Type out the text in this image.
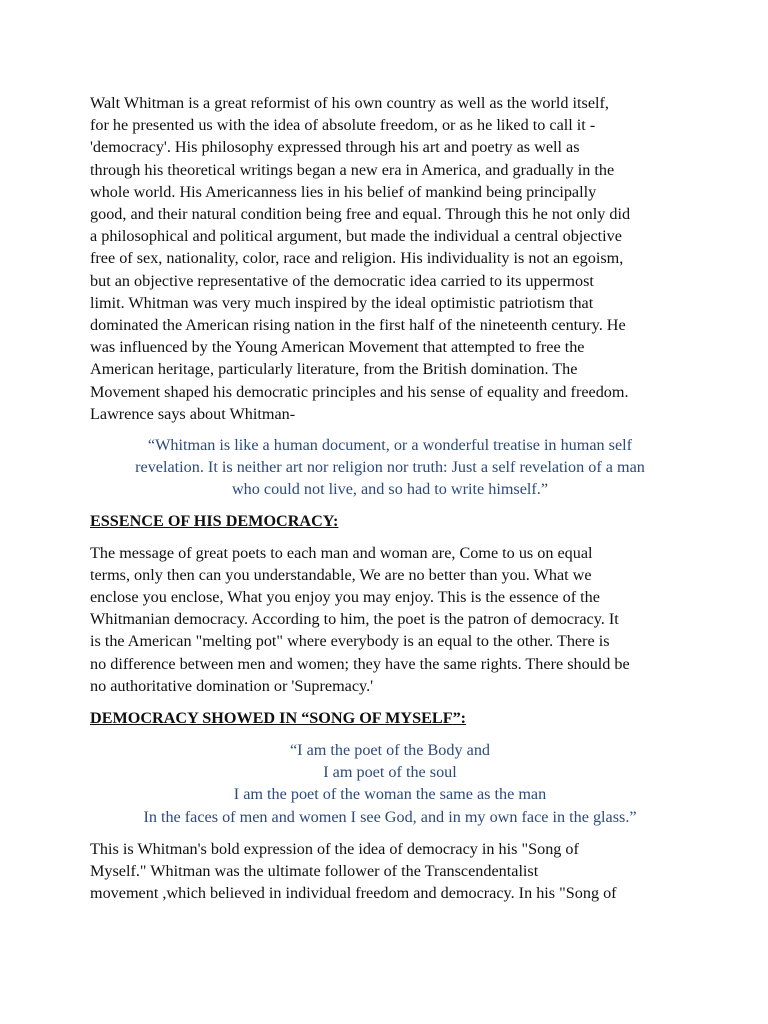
Walt Whitman is a great reformist of his own country as well as the world itself,
for he presented us with the idea of absolute freedom, or as he liked to call it -
'democracy'. His philosophy expressed through his art and poetry as well as
through his theoretical writings began a new era in America, and gradually in the
whole world. His Americanness lies in his belief of mankind being principally
good, and their natural condition being free and equal. Through this he not only did
a philosophical and political argument, but made the individual a central objective
free of sex, nationality, color, race and religion. His individuality is not an egoism,
but an objective representative of the democratic idea carried to its uppermost
limit. Whitman was very much inspired by the ideal optimistic patriotism that
dominated the American rising nation in the first half of the nineteenth century. He
was influenced by the Young American Movement that attempted to free the
American heritage, particularly literature, from the British domination. The
Movement shaped his democratic principles and his sense of equality and freedom.
Lawrence says about Whitman-

“Whitman is like a human document, or a wonderful treatise in human self
revelation. It is neither art nor religion nor truth: Just a self revelation of a man
who could not live, and so had to write himself.”

ESSENCE OF HIS DEMOCRACY:

The message of great poets to each man and woman are, Come to us on equal
terms, only then can you understandable, We are no better than you. What we
enclose you enclose, What you enjoy you may enjoy. This is the essence of the
Whitmanian democracy. According to him, the poet is the patron of democracy. It
is the American "melting pot" where everybody is an equal to the other. There is
no difference between men and women; they have the same rights. There should be
no authoritative domination or 'Supremacy.'

DEMOCRACY SHOWED IN “SONG OF MYSELF”:

“I am the poet of the Body and
I am poet of the soul
I am the poet of the woman the same as the man
In the faces of men and women I see God, and in my own face in the glass.”

This is Whitman's bold expression of the idea of democracy in his "Song of
Myself." Whitman was the ultimate follower of the Transcendentalist
movement ,which believed in individual freedom and democracy. In his "Song of
